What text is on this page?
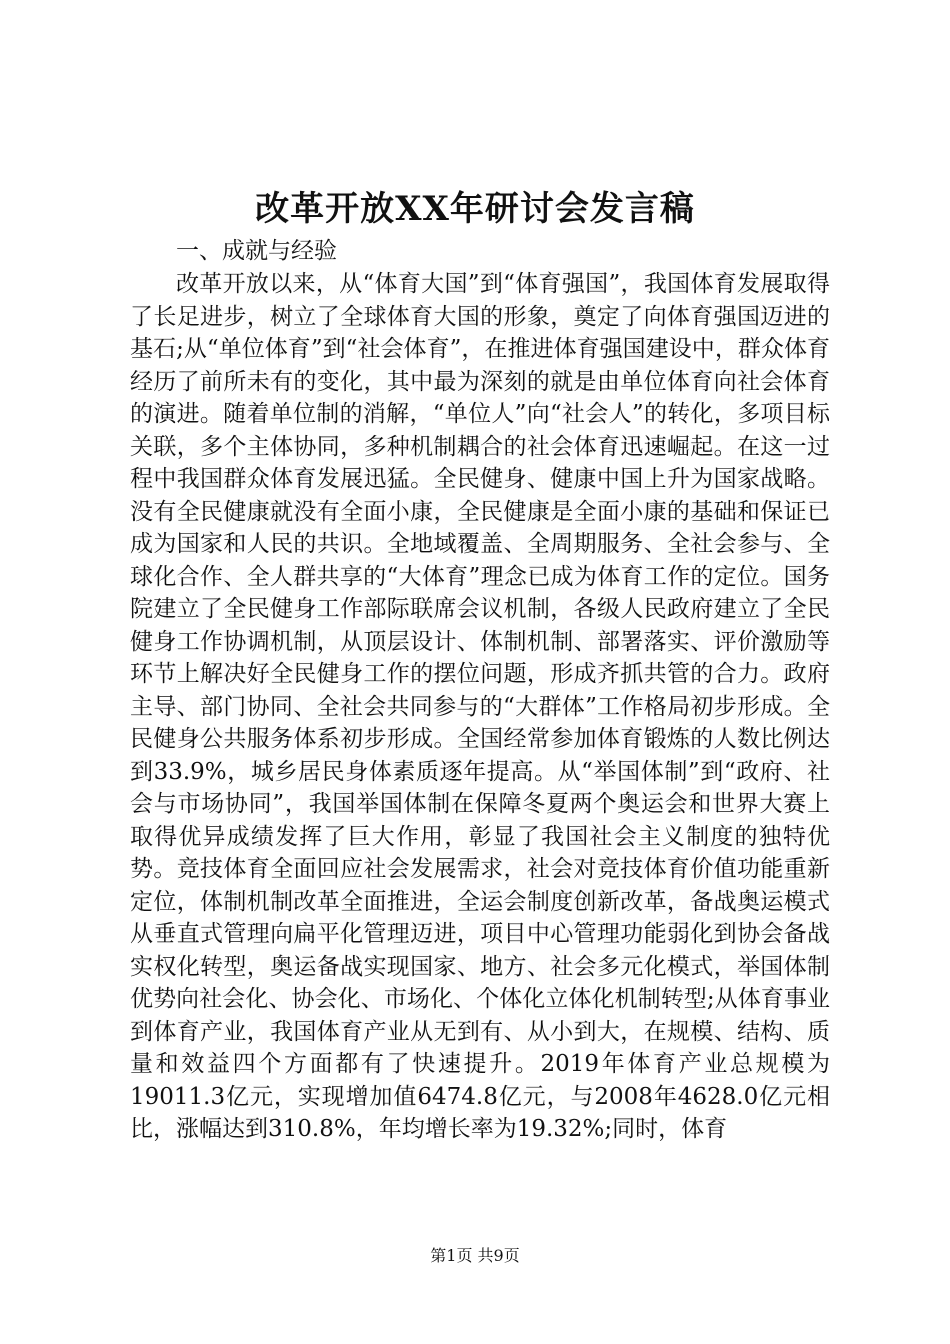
改革开放XX年研讨会发言稿
一、成就与经验

改革开放以来，从“体育大国”到“体育强国”，我国体育发展取得了长足进步，树立了全球体育大国的形象，奠定了向体育强国迈进的基石;从“单位体育”到“社会体育”，在推进体育强国建设中，群众体育经历了前所未有的变化，其中最为深刻的就是由单位体育向社会体育的演进。随着单位制的消解，“单位人”向“社会人”的转化，多项目标关联，多个主体协同，多种机制耦合的社会体育迅速崛起。在这一过程中我国群众体育发展迅猛。全民健身、健康中国上升为国家战略。没有全民健康就没有全面小康，全民健康是全面小康的基础和保证已成为国家和人民的共识。全地域覆盖、全周期服务、全社会参与、全球化合作、全人群共享的“大体育”理念已成为体育工作的定位。国务院建立了全民健身工作部际联席会议机制，各级人民政府建立了全民健身工作协调机制，从顶层设计、体制机制、部署落实、评价激励等环节上解决好全民健身工作的摆位问题，形成齐抓共管的合力。政府主导、部门协同、全社会共同参与的“大群体”工作格局初步形成。全民健身公共服务体系初步形成。全国经常参加体育锻炼的人数比例达到33.9%，城乡居民身体素质逐年提高。从“举国体制”到“政府、社会与市场协同”，我国举国体制在保障冬夏两个奥运会和世界大赛上取得优异成绩发挥了巨大作用，彰显了我国社会主义制度的独特优势。竞技体育全面回应社会发展需求，社会对竞技体育价值功能重新定位，体制机制改革全面推进，全运会制度创新改革，备战奥运模式从垂直式管理向扁平化管理迈进，项目中心管理功能弱化到协会备战实权化转型，奥运备战实现国家、地方、社会多元化模式，举国体制优势向社会化、协会化、市场化、个体化立体化机制转型;从体育事业到体育产业，我国体育产业从无到有、从小到大，在规模、结构、质量和效益四个方面都有了快速提升。2019年体育产业总规模为19011.3亿元，实现增加值6474.8亿元，与2008年4628.0亿元相比，涨幅达到310.8%，年均增长率为19.32%;同时，体育

第1页 共9页
